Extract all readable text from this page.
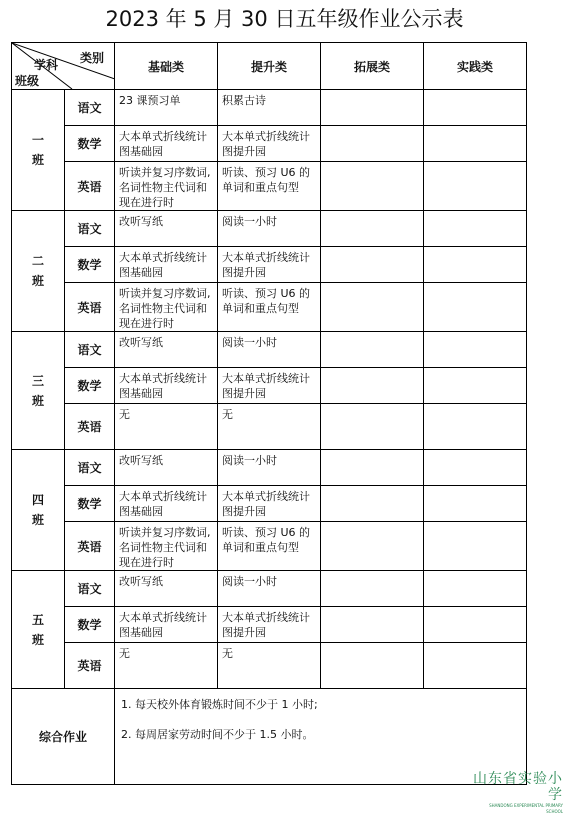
2023 年 5 月 30 日五年级作业公示表
类别
学科
班级		基础类	提升类	拓展类	实践类

一
班	语文	23 课预习单	积累古诗		
	数学	大本单式折线统计图基础园	大本单式折线统计图提升园		
	英语	听读并复习序数词, 名词性物主代词和现在进行时	听读、预习 U6 的单词和重点句型		

二
班	语文	改听写纸	阅读一小时		
	数学	大本单式折线统计图基础园	大本单式折线统计图提升园		
	英语	听读并复习序数词, 名词性物主代词和现在进行时	听读、预习 U6 的单词和重点句型		

三
班	语文	改听写纸	阅读一小时		
	数学	大本单式折线统计图基础园	大本单式折线统计图提升园		
	英语	无	无		

四
班	语文	改听写纸	阅读一小时		
	数学	大本单式折线统计图基础园	大本单式折线统计图提升园		
	英语	听读并复习序数词, 名词性物主代词和现在进行时	听读、预习 U6 的单词和重点句型		

五
班	语文	改听写纸	阅读一小时		
	数学	大本单式折线统计图基础园	大本单式折线统计图提升园		
	英语	无	无		
综合作业		1. 每天校外体育锻炼时间不少于 1 小时;

2. 每周居家劳动时间不少于 1.5 小时。			

山东省实验小学
SHANDONG EXPERIMENTAL PRIMARY SCHOOL
